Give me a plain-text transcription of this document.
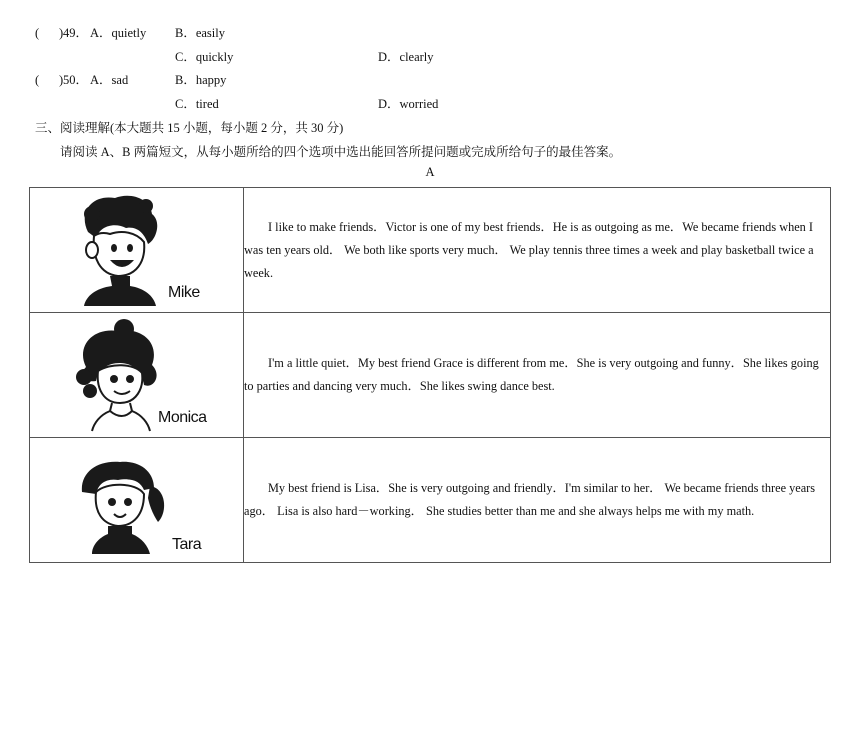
( ) 49． A．quietly B．easily
C．quickly	D．clearly
( ) 50． A．sad	B．happy
C．tired	D．worried
三、阅读理解(本大题共 15 小题，每小题 2 分，共 30 分)
请阅读 A、B 两篇短文，从每小题所给的四个选项中选出能回答所提问题或完成所给句子的最佳答案。
A
Mike	I like to make friends．Victor is one of my best friends．He is as outgoing as me．We became friends when I was ten years old． We both like sports very much． We play tennis three times a week and play basketball twice a week.

Monica	I'm a little quiet．My best friend Grace is different from me．She is very outgoing and funny．She likes going to parties and dancing very much．She likes swing dance best.

Tara	My best friend is Lisa．She is very outgoing and friendly．I'm similar to her． We became friends three years ago． Lisa is also hard－working． She studies better than me and she always helps me with my math.
